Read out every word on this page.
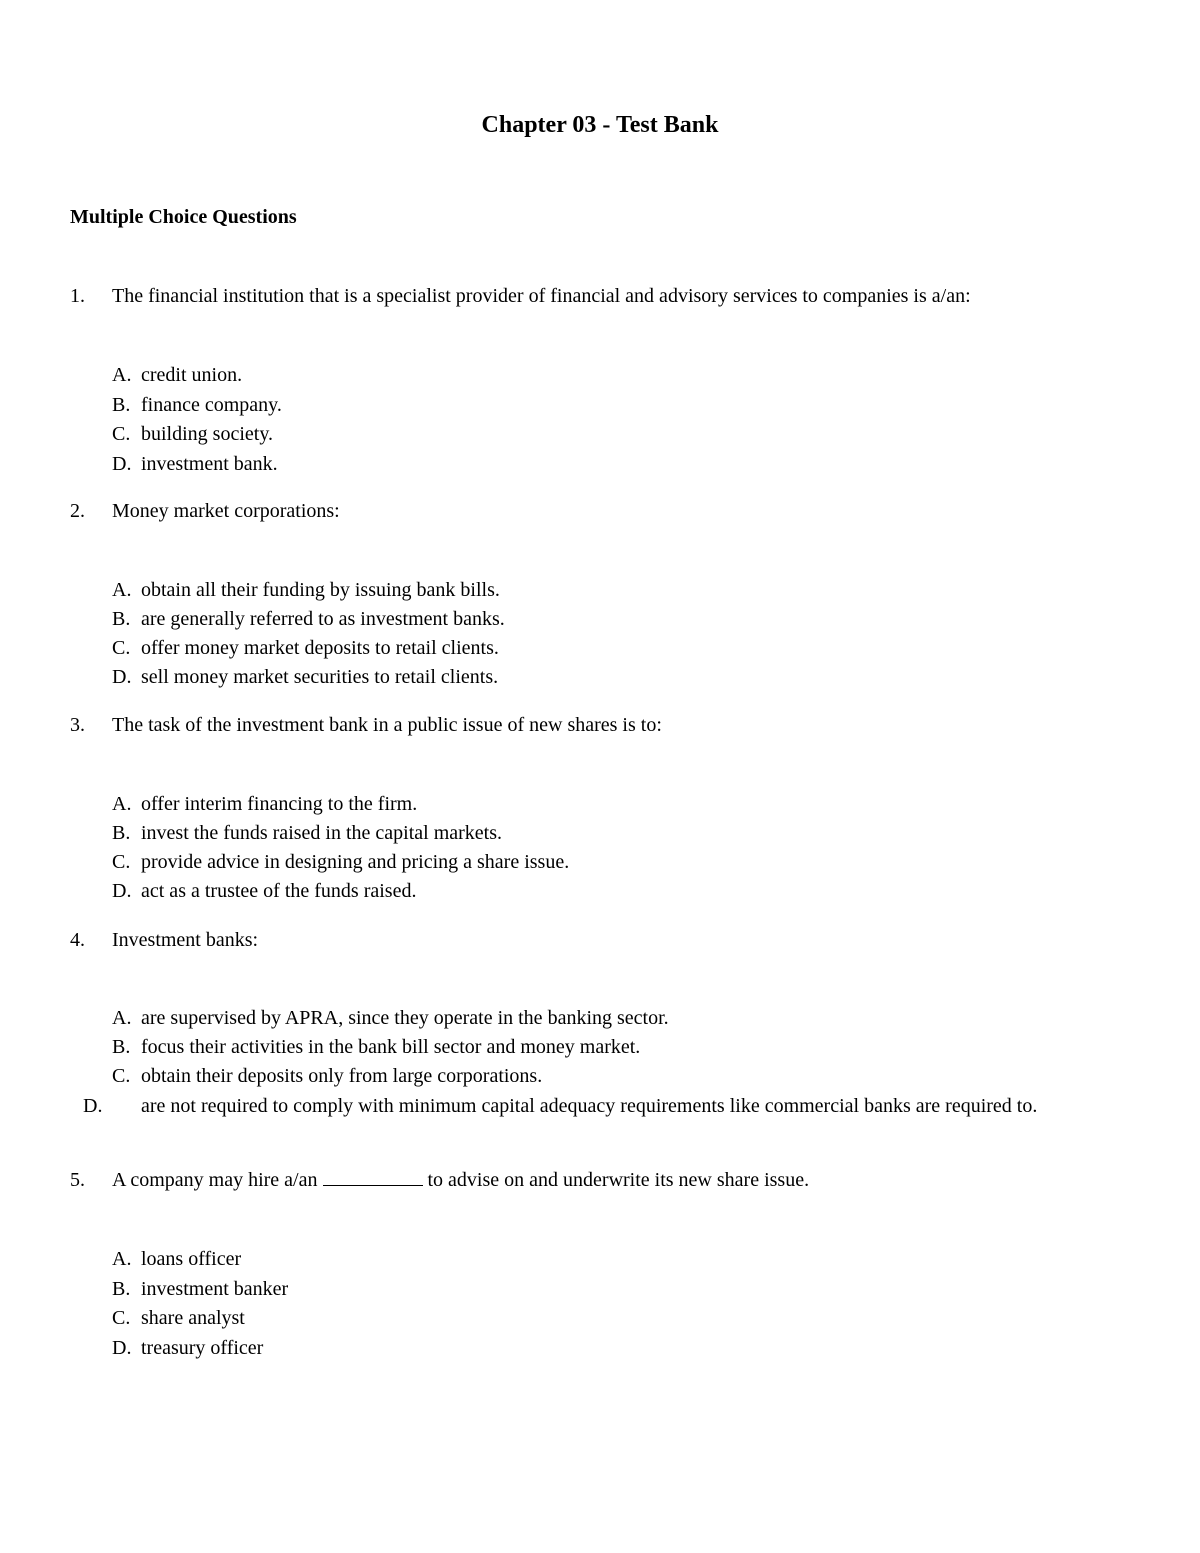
Chapter 03 - Test Bank
Multiple Choice Questions
1. The financial institution that is a specialist provider of financial and advisory services to companies is a/an:
A. credit union.
B. finance company.
C. building society.
D. investment bank.
2. Money market corporations:
A. obtain all their funding by issuing bank bills.
B. are generally referred to as investment banks.
C. offer money market deposits to retail clients.
D. sell money market securities to retail clients.
3. The task of the investment bank in a public issue of new shares is to:
A. offer interim financing to the firm.
B. invest the funds raised in the capital markets.
C. provide advice in designing and pricing a share issue.
D. act as a trustee of the funds raised.
4. Investment banks:
A. are supervised by APRA, since they operate in the banking sector.
B. focus their activities in the bank bill sector and money market.
C. obtain their deposits only from large corporations.
D. are not required to comply with minimum capital adequacy requirements like commercial banks are required to.
5. A company may hire a/an	to advise on and underwrite its new share issue.
A. loans officer
B. investment banker
C. share analyst
D. treasury officer
